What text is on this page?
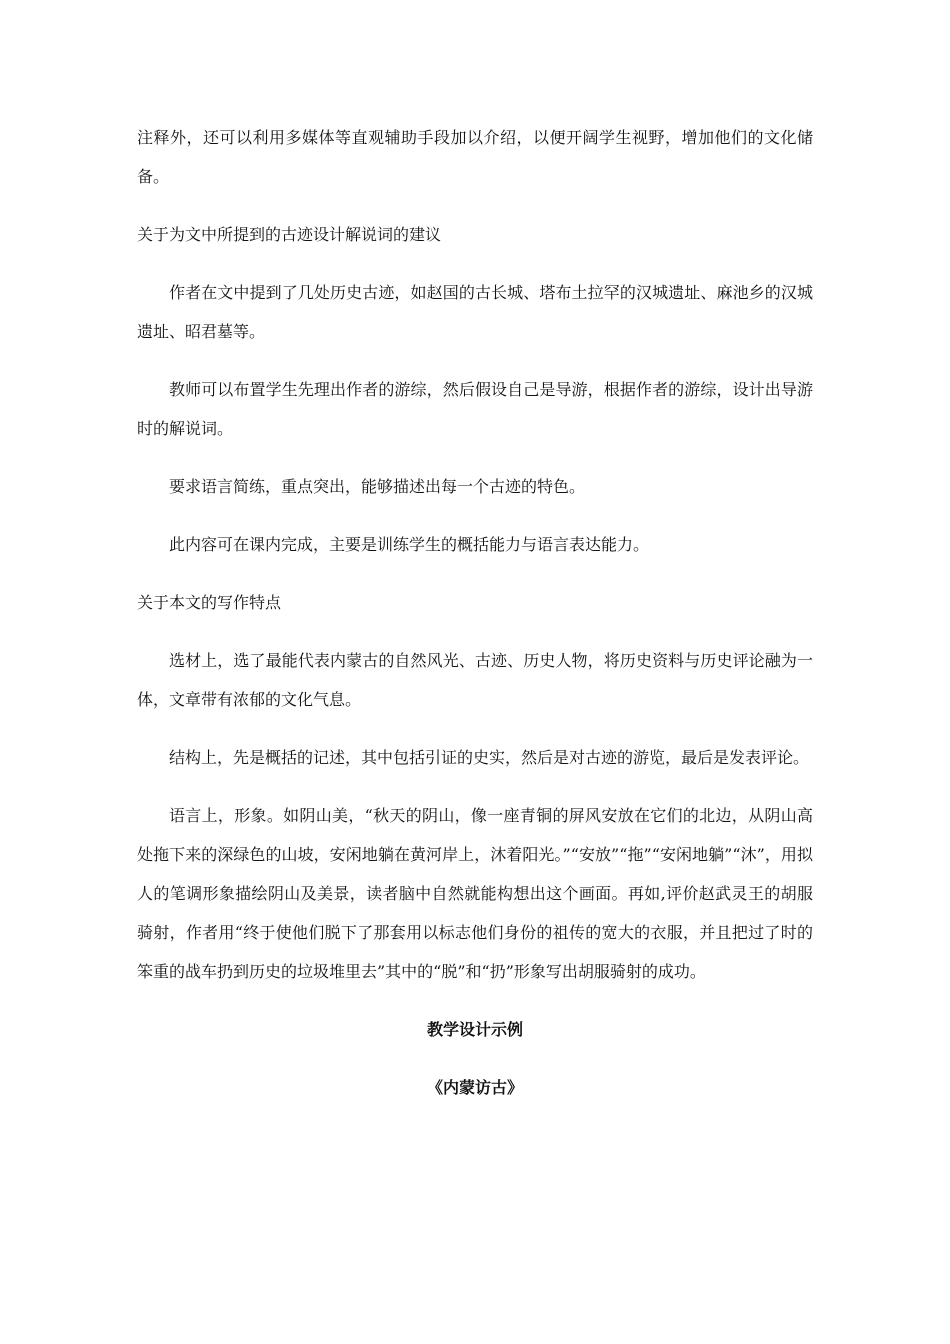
注释外，还可以利用多媒体等直观辅助手段加以介绍，以便开阔学生视野，增加他们的文化储备。

关于为文中所提到的古迹设计解说词的建议

作者在文中提到了几处历史古迹，如赵国的古长城、塔布土拉罕的汉城遗址、麻池乡的汉城遗址、昭君墓等。

教师可以布置学生先理出作者的游综，然后假设自己是导游，根据作者的游综，设计出导游时的解说词。

要求语言简练，重点突出，能够描述出每一个古迹的特色。

此内容可在课内完成，主要是训练学生的概括能力与语言表达能力。

关于本文的写作特点

选材上，选了最能代表内蒙古的自然风光、古迹、历史人物，将历史资料与历史评论融为一体，文章带有浓郁的文化气息。

结构上，先是概括的记述，其中包括引证的史实，然后是对古迹的游览，最后是发表评论。

语言上，形象。如阴山美，“秋天的阴山，像一座青铜的屏风安放在它们的北边，从阴山高处拖下来的深绿色的山坡，安闲地躺在黄河岸上，沐着阳光。”“安放”“拖”“安闲地躺”“沐”，用拟人的笔调形象描绘阴山及美景，读者脑中自然就能构想出这个画面。再如,评价赵武灵王的胡服骑射，作者用“终于使他们脱下了那套用以标志他们身份的祖传的宽大的衣服，并且把过了时的笨重的战车扔到历史的垃圾堆里去”其中的“脱”和“扔”形象写出胡服骑射的成功。

教学设计示例

《内蒙访古》
